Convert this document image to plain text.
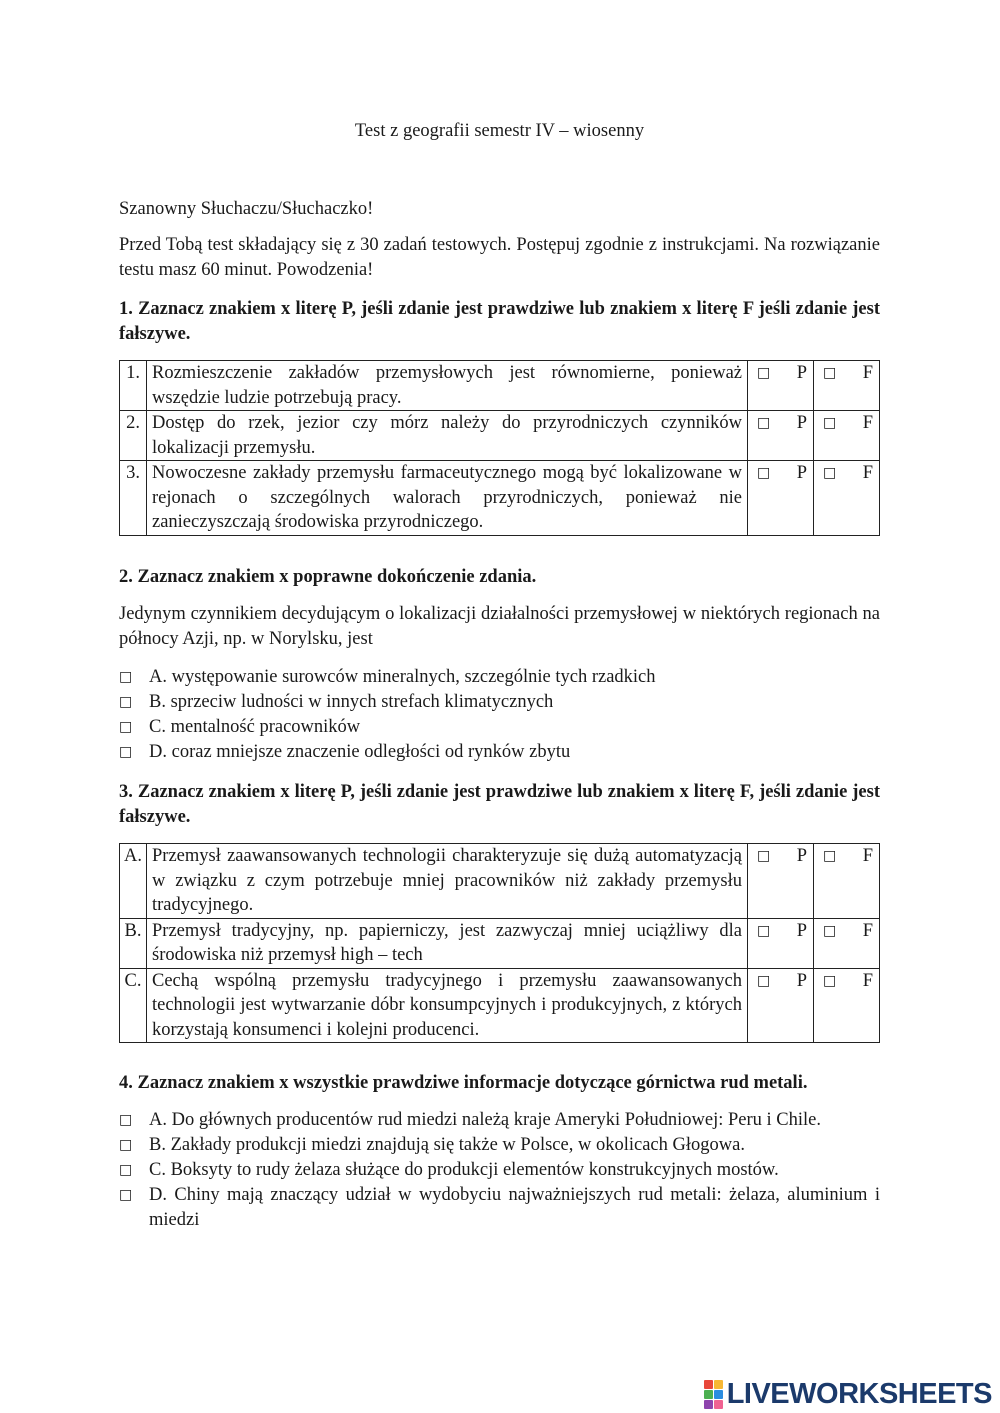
Test z geografii semestr IV – wiosenny
Szanowny Słuchaczu/Słuchaczko!
Przed Tobą test składający się z 30 zadań testowych. Postępuj zgodnie z instrukcjami. Na rozwiązanie testu masz 60 minut. Powodzenia!
1. Zaznacz znakiem x literę P, jeśli zdanie jest prawdziwe lub znakiem x literę F jeśli zdanie jest fałszywe.
1.	Rozmieszczenie zakładów przemysłowych jest równomierne, ponieważ wszędzie ludzie potrzebują pracy.	□ P	□ F

2.	Dostęp do rzek, jezior czy mórz należy do przyrodniczych czynników lokalizacji przemysłu.	□ P	□ F

3.	Nowoczesne zakłady przemysłu farmaceutycznego mogą być lokalizowane w rejonach o szczególnych walorach przyrodniczych, ponieważ nie zanieczyszczają środowiska przyrodniczego.	□ P	□ F
2. Zaznacz znakiem x poprawne dokończenie zdania.
Jedynym czynnikiem decydującym o lokalizacji działalności przemysłowej w niektórych regionach na północy Azji, np. w Norylsku, jest
□ A. występowanie surowców mineralnych, szczególnie tych rzadkich
□ B. sprzeciw ludności w innych strefach klimatycznych
□ C. mentalność pracowników
□ D. coraz mniejsze znaczenie odległości od rynków zbytu
3. Zaznacz znakiem x literę P, jeśli zdanie jest prawdziwe lub znakiem x literę F, jeśli zdanie jest fałszywe.
A.	Przemysł zaawansowanych technologii charakteryzuje się dużą automatyzacją w związku z czym potrzebuje mniej pracowników niż zakłady przemysłu tradycyjnego.	□ P	□ F

B.	Przemysł tradycyjny, np. papierniczy, jest zazwyczaj mniej uciążliwy dla środowiska niż przemysł high – tech	□ P	□ F

C.	Cechą wspólną przemysłu tradycyjnego i przemysłu zaawansowanych technologii jest wytwarzanie dóbr konsumpcyjnych i produkcyjnych, z których korzystają konsumenci i kolejni producenci.	□ P	□ F
4. Zaznacz znakiem x wszystkie prawdziwe informacje dotyczące górnictwa rud metali.
□ A. Do głównych producentów rud miedzi należą kraje Ameryki Południowej: Peru i Chile.
□ B. Zakłady produkcji miedzi znajdują się także w Polsce, w okolicach Głogowa.
□ C. Boksyty to rudy żelaza służące do produkcji elementów konstrukcyjnych mostów.
□ D. Chiny mają znaczący udział w wydobyciu najważniejszych rud metali: żelaza, aluminium i miedzi
LIVEWORKSHEETS
